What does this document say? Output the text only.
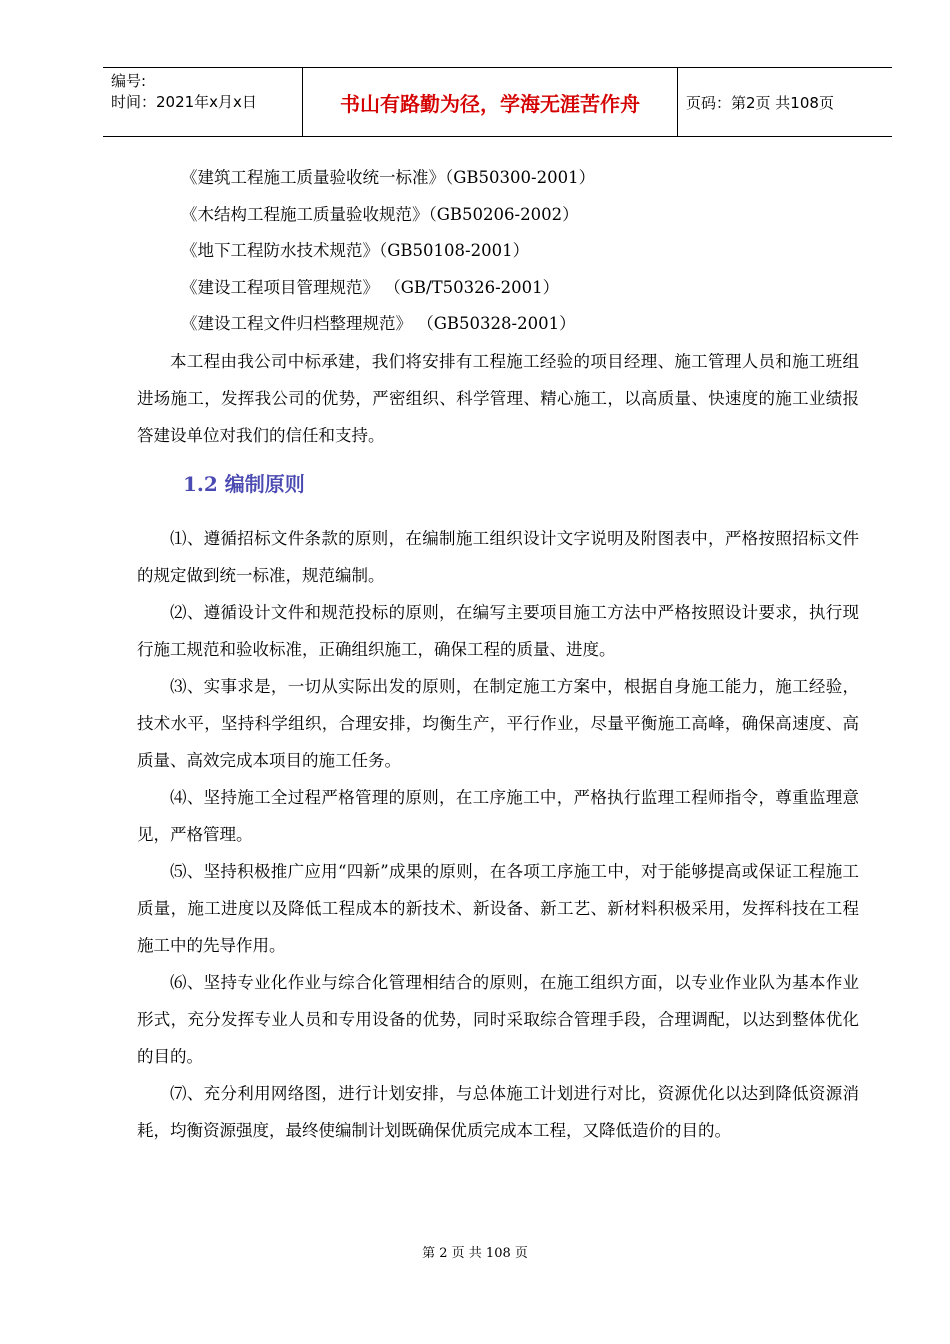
编号:
时间：2021年x月x日	书山有路勤为径，学海无涯苦作舟	页码：第2页 共108页

《建筑工程施工质量验收统一标准》（GB50300-2001）

《木结构工程施工质量验收规范》（GB50206-2002）

《地下工程防水技术规范》（GB50108-2001）

《建设工程项目管理规范》 （GB/T50326-2001）

《建设工程文件归档整理规范》 （GB50328-2001）

本工程由我公司中标承建，我们将安排有工程施工经验的项目经理、施工管理人员和施工班组进场施工，发挥我公司的优势，严密组织、科学管理、精心施工，以高质量、快速度的施工业绩报答建设单位对我们的信任和支持。

1.2 编制原则

⑴、遵循招标文件条款的原则，在编制施工组织设计文字说明及附图表中，严格按照招标文件的规定做到统一标准，规范编制。

⑵、遵循设计文件和规范投标的原则，在编写主要项目施工方法中严格按照设计要求，执行现行施工规范和验收标准，正确组织施工，确保工程的质量、进度。

⑶、实事求是，一切从实际出发的原则，在制定施工方案中，根据自身施工能力，施工经验，技术水平，坚持科学组织，合理安排，均衡生产，平行作业，尽量平衡施工高峰，确保高速度、高质量、高效完成本项目的施工任务。

⑷、坚持施工全过程严格管理的原则，在工序施工中，严格执行监理工程师指令，尊重监理意见，严格管理。

⑸、坚持积极推广应用“四新”成果的原则，在各项工序施工中，对于能够提高或保证工程施工质量，施工进度以及降低工程成本的新技术、新设备、新工艺、新材料积极采用，发挥科技在工程施工中的先导作用。

⑹、坚持专业化作业与综合化管理相结合的原则，在施工组织方面，以专业作业队为基本作业形式，充分发挥专业人员和专用设备的优势，同时采取综合管理手段，合理调配，以达到整体优化的目的。

⑺、充分利用网络图，进行计划安排，与总体施工计划进行对比，资源优化以达到降低资源消耗，均衡资源强度，最终使编制计划既确保优质完成本工程，又降低造价的目的。

第 2 页 共 108 页
